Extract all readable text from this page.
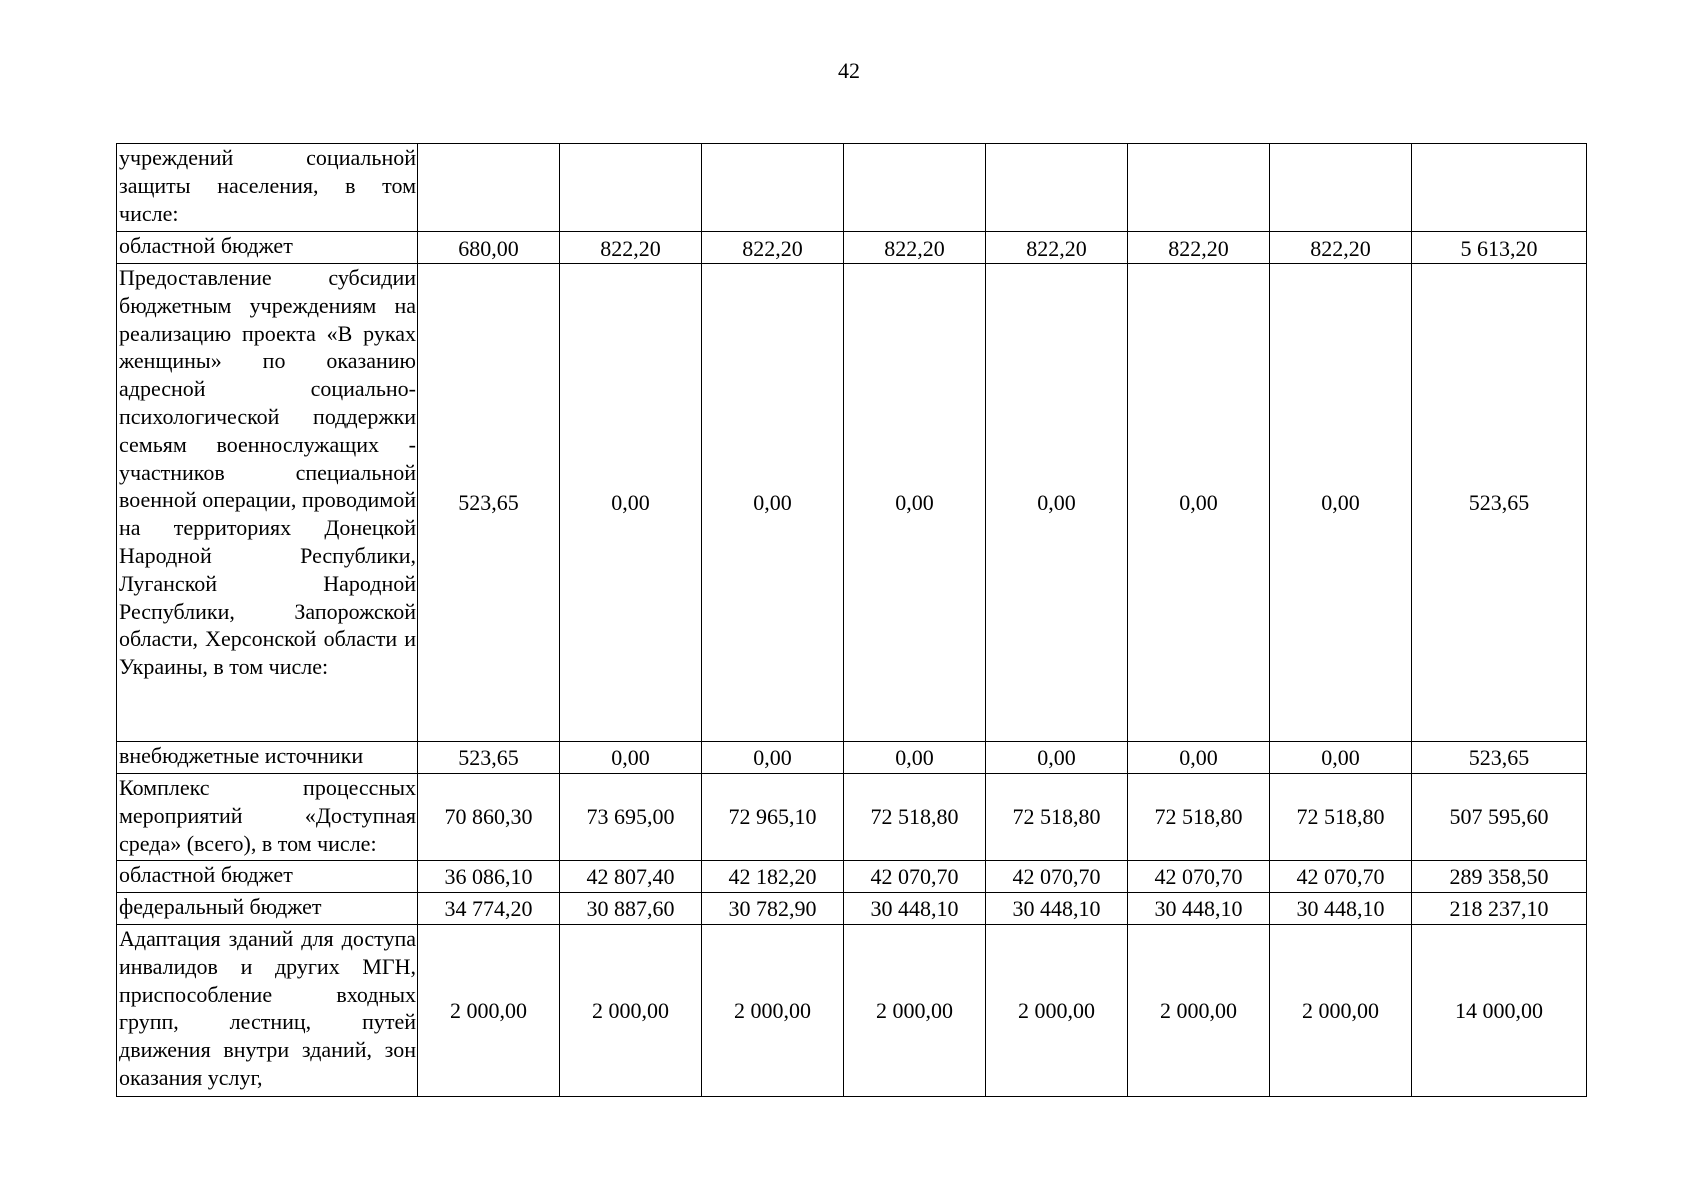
42
учреждений социальной защиты населения, в том числе:								
областной бюджет	680,00	822,20	822,20	822,20	822,20	822,20	822,20	5 613,20
Предоставление субсидии бюджетным учреждениям на реализацию проекта «В руках женщины» по оказанию адресной социально-психологической поддержки семьям военнослужащих - участников специальной военной операции, проводимой на территориях Донецкой Народной Республики, Луганской Народной Республики, Запорожской области, Херсонской области и Украины, в том числе:	523,65	0,00	0,00	0,00	0,00	0,00	0,00	523,65
внебюджетные источники	523,65	0,00	0,00	0,00	0,00	0,00	0,00	523,65
Комплекс процессных мероприятий «Доступная среда» (всего), в том числе:	70 860,30	73 695,00	72 965,10	72 518,80	72 518,80	72 518,80	72 518,80	507 595,60
областной бюджет	36 086,10	42 807,40	42 182,20	42 070,70	42 070,70	42 070,70	42 070,70	289 358,50
федеральный бюджет	34 774,20	30 887,60	30 782,90	30 448,10	30 448,10	30 448,10	30 448,10	218 237,10
Адаптация зданий для доступа инвалидов и других МГН, приспособление входных групп, лестниц, путей движения внутри зданий, зон оказания услуг,	2 000,00	2 000,00	2 000,00	2 000,00	2 000,00	2 000,00	2 000,00	14 000,00
